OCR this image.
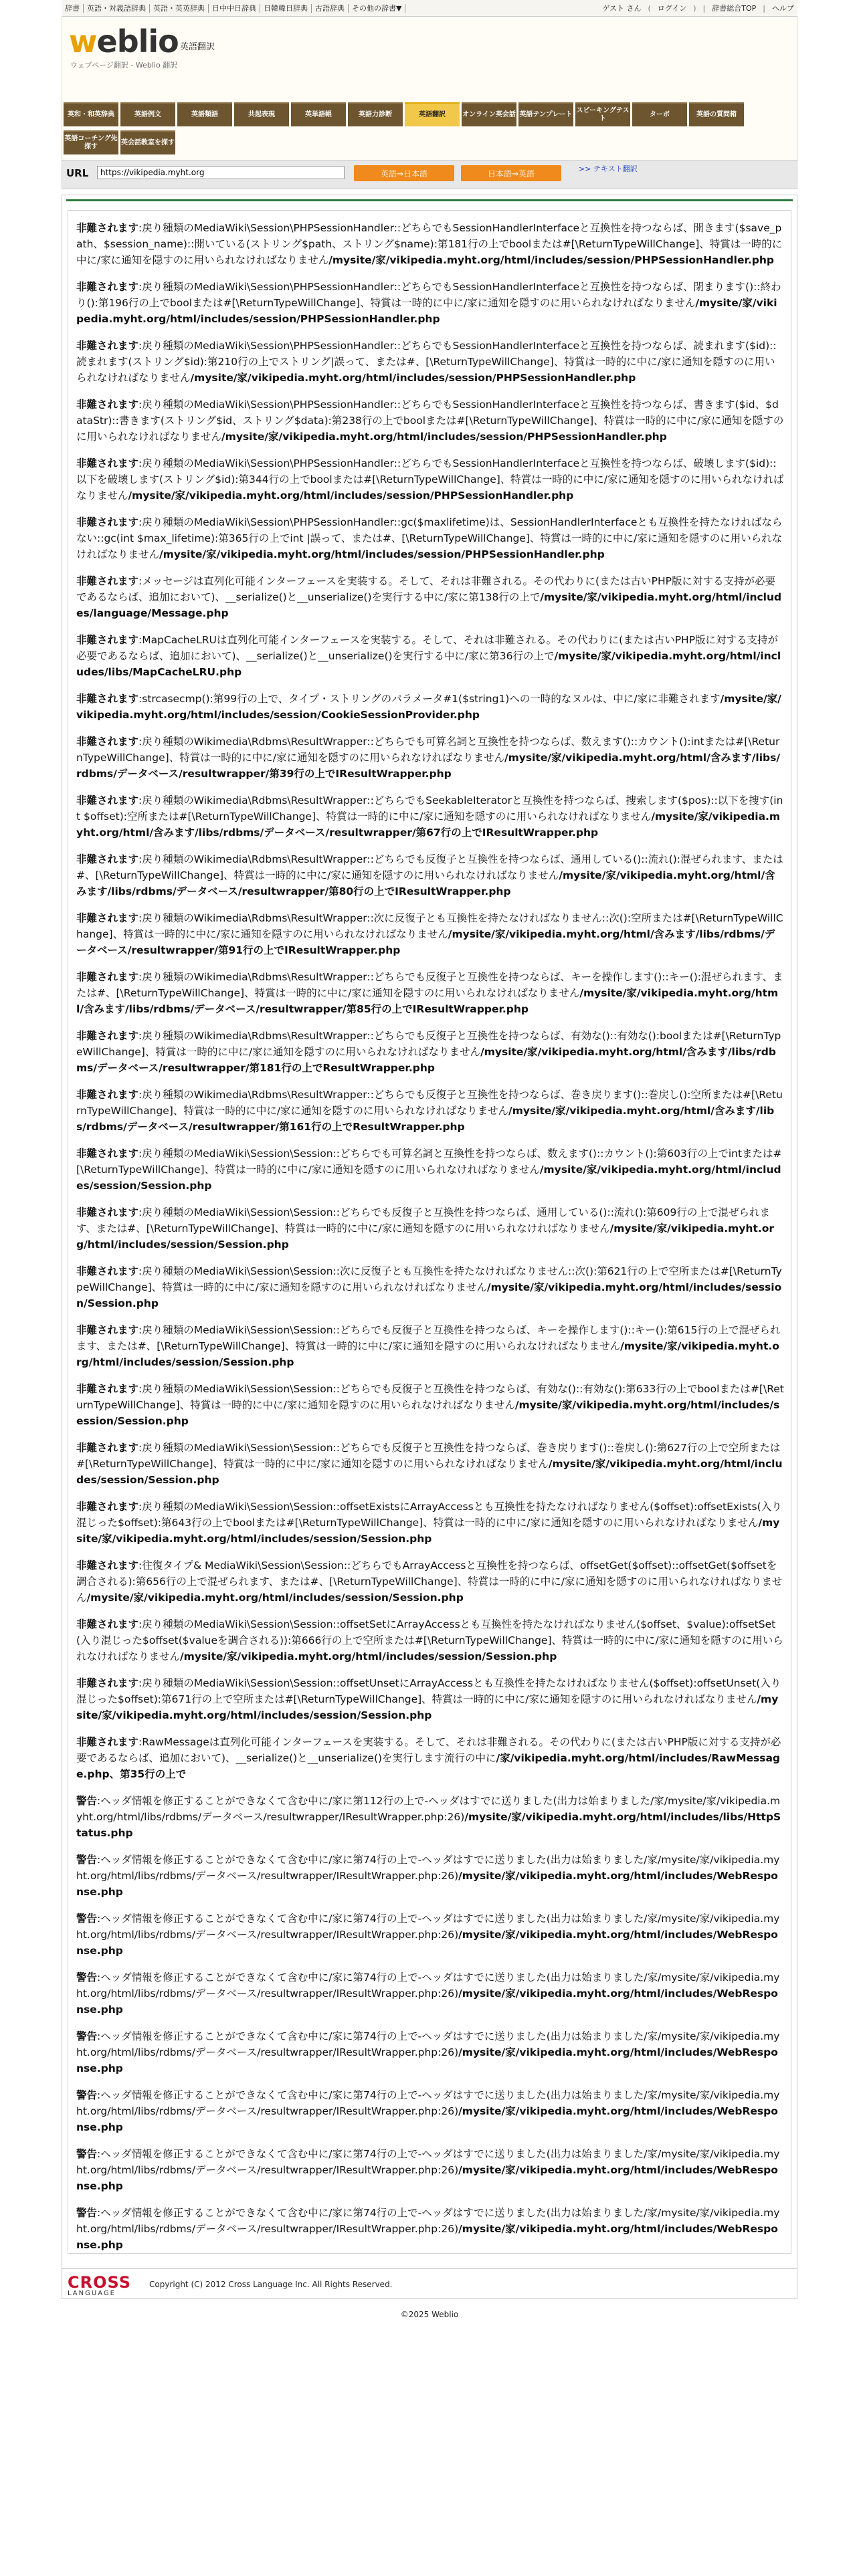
辞書	英語・対義語辞典	英語・英英辞典	日中中日辞典	日韓韓日辞典	古語辞典	その他の辞書▼	ゲスト さん ( ログイン ) | 辞書総合TOP | ヘルプ
weblio 英語翻訳
ウェブページ翻訳 - Weblio 翻訳
英和・和英辞典	英語例文	英語類語	共起表現	英単語帳	英語力診断	英語翻訳	オンライン英会話 英語テンプレート
スピーキングテスト
ターボ	英語の質問箱
英語コーチング先探す
英会話教室を探す
URL
https://vikipedia.myht.org	英語⇒日本語	日本語⇒英語	>> テキスト翻訳

非難されます:戻り種類のMediaWiki\Session\PHPSessionHandler::どちらでもSessionHandlerInterfaceと互換性を持つならば、開きます($save_path、$session_name)::開いている(ストリング$path、ストリング$name):第181行の上でboolまたは#[\ReturnTypeWillChange]、特賞は一時的に中に/家に通知を隠すのに用いられなければなりません/mysite/家/vikipedia.myht.org/html/includes/session/PHPSessionHandler.php

非難されます:戻り種類のMediaWiki\Session\PHPSessionHandler::どちらでもSessionHandlerInterfaceと互換性を持つならば、閉まります()::終わり():第196行の上でboolまたは#[\ReturnTypeWillChange]、特賞は一時的に中に/家に通知を隠すのに用いられなければなりません/mysite/家/vikipedia.myht.org/html/includes/session/PHPSessionHandler.php

非難されます:戻り種類のMediaWiki\Session\PHPSessionHandler::どちらでもSessionHandlerInterfaceと互換性を持つならば、読まれます($id)::読まれます(ストリング$id):第210行の上でストリング|誤って、または#、[\ReturnTypeWillChange]、特賞は一時的に中に/家に通知を隠すのに用いられなければなりません/mysite/家/vikipedia.myht.org/html/includes/session/PHPSessionHandler.php

非難されます:戻り種類のMediaWiki\Session\PHPSessionHandler::どちらでもSessionHandlerInterfaceと互換性を持つならば、書きます($id、$dataStr)::書きます(ストリング$id、ストリング$data):第238行の上でboolまたは#[\ReturnTypeWillChange]、特賞は一時的に中に/家に通知を隠すのに用いられなければなりません/mysite/家/vikipedia.myht.org/html/includes/session/PHPSessionHandler.php

非難されます:戻り種類のMediaWiki\Session\PHPSessionHandler::どちらでもSessionHandlerInterfaceと互換性を持つならば、破壊します($id)::以下を破壊します(ストリング$id):第344行の上でboolまたは#[\ReturnTypeWillChange]、特賞は一時的に中に/家に通知を隠すのに用いられなければなりません/mysite/家/vikipedia.myht.org/html/includes/session/PHPSessionHandler.php

非難されます:戻り種類のMediaWiki\Session\PHPSessionHandler::gc($maxlifetime)は、SessionHandlerInterfaceとも互換性を持たなければならない::gc(int $max_lifetime):第365行の上でint |誤って、または#、[\ReturnTypeWillChange]、特賞は一時的に中に/家に通知を隠すのに用いられなければなりません/mysite/家/vikipedia.myht.org/html/includes/session/PHPSessionHandler.php

非難されます:メッセージは直列化可能インターフェースを実装する。そして、それは非難される。その代わりに(または古いPHP版に対する支持が必要であるならば、追加において)、__serialize()と__unserialize()を実行する中に/家に第138行の上で/mysite/家/vikipedia.myht.org/html/includes/language/Message.php

非難されます:MapCacheLRUは直列化可能インターフェースを実装する。そして、それは非難される。その代わりに(または古いPHP版に対する支持が必要であるならば、追加において)、__serialize()と__unserialize()を実行する中に/家に第36行の上で/mysite/家/vikipedia.myht.org/html/includes/libs/MapCacheLRU.php

非難されます:strcasecmp():第99行の上で、タイプ・ストリングのパラメータ#1($string1)への一時的なヌルは、中に/家に非難されます/mysite/家/vikipedia.myht.org/html/includes/session/CookieSessionProvider.php

非難されます:戻り種類のWikimedia\Rdbms\ResultWrapper::どちらでも可算名詞と互換性を持つならば、数えます()::カウント():intまたは#[\ReturnTypeWillChange]、特賞は一時的に中に/家に通知を隠すのに用いられなければなりません/mysite/家/vikipedia.myht.org/html/含みます/libs/rdbms/データベース/resultwrapper/第39行の上でIResultWrapper.php

非難されます:戻り種類のWikimedia\Rdbms\ResultWrapper::どちらでもSeekableIteratorと互換性を持つならば、捜索します($pos)::以下を捜す(int $offset):空所または#[\ReturnTypeWillChange]、特賞は一時的に中に/家に通知を隠すのに用いられなければなりません/mysite/家/vikipedia.myht.org/html/含みます/libs/rdbms/データベース/resultwrapper/第67行の上でIResultWrapper.php

非難されます:戻り種類のWikimedia\Rdbms\ResultWrapper::どちらでも反復子と互換性を持つならば、通用している()::流れ():混ぜられます、または#、[\ReturnTypeWillChange]、特賞は一時的に中に/家に通知を隠すのに用いられなければなりません/mysite/家/vikipedia.myht.org/html/含みます/libs/rdbms/データベース/resultwrapper/第80行の上でIResultWrapper.php

非難されます:戻り種類のWikimedia\Rdbms\ResultWrapper::次に反復子とも互換性を持たなければなりません::次():空所または#[\ReturnTypeWillChange]、特賞は一時的に中に/家に通知を隠すのに用いられなければなりません/mysite/家/vikipedia.myht.org/html/含みます/libs/rdbms/データベース/resultwrapper/第91行の上でIResultWrapper.php

非難されます:戻り種類のWikimedia\Rdbms\ResultWrapper::どちらでも反復子と互換性を持つならば、キーを操作します()::キー():混ぜられます、または#、[\ReturnTypeWillChange]、特賞は一時的に中に/家に通知を隠すのに用いられなければなりません/mysite/家/vikipedia.myht.org/html/含みます/libs/rdbms/データベース/resultwrapper/第85行の上でIResultWrapper.php

非難されます:戻り種類のWikimedia\Rdbms\ResultWrapper::どちらでも反復子と互換性を持つならば、有効な()::有効な():boolまたは#[\ReturnTypeWillChange]、特賞は一時的に中に/家に通知を隠すのに用いられなければなりません/mysite/家/vikipedia.myht.org/html/含みます/libs/rdbms/データベース/resultwrapper/第181行の上でResultWrapper.php

非難されます:戻り種類のWikimedia\Rdbms\ResultWrapper::どちらでも反復子と互換性を持つならば、巻き戻ります()::巻戻し():空所または#[\ReturnTypeWillChange]、特賞は一時的に中に/家に通知を隠すのに用いられなければなりません/mysite/家/vikipedia.myht.org/html/含みます/libs/rdbms/データベース/resultwrapper/第161行の上でResultWrapper.php

非難されます:戻り種類のMediaWiki\Session\Session::どちらでも可算名詞と互換性を持つならば、数えます()::カウント():第603行の上でintまたは#[\ReturnTypeWillChange]、特賞は一時的に中に/家に通知を隠すのに用いられなければなりません/mysite/家/vikipedia.myht.org/html/includes/session/Session.php

非難されます:戻り種類のMediaWiki\Session\Session::どちらでも反復子と互換性を持つならば、通用している()::流れ():第609行の上で混ぜられます、または#、[\ReturnTypeWillChange]、特賞は一時的に中に/家に通知を隠すのに用いられなければなりません/mysite/家/vikipedia.myht.org/html/includes/session/Session.php

非難されます:戻り種類のMediaWiki\Session\Session::次に反復子とも互換性を持たなければなりません::次():第621行の上で空所または#[\ReturnTypeWillChange]、特賞は一時的に中に/家に通知を隠すのに用いられなければなりません/mysite/家/vikipedia.myht.org/html/includes/session/Session.php

非難されます:戻り種類のMediaWiki\Session\Session::どちらでも反復子と互換性を持つならば、キーを操作します()::キー():第615行の上で混ぜられます、または#、[\ReturnTypeWillChange]、特賞は一時的に中に/家に通知を隠すのに用いられなければなりません/mysite/家/vikipedia.myht.org/html/includes/session/Session.php

非難されます:戻り種類のMediaWiki\Session\Session::どちらでも反復子と互換性を持つならば、有効な()::有効な():第633行の上でboolまたは#[\ReturnTypeWillChange]、特賞は一時的に中に/家に通知を隠すのに用いられなければなりません/mysite/家/vikipedia.myht.org/html/includes/session/Session.php

非難されます:戻り種類のMediaWiki\Session\Session::どちらでも反復子と互換性を持つならば、巻き戻ります()::巻戻し():第627行の上で空所または#[\ReturnTypeWillChange]、特賞は一時的に中に/家に通知を隠すのに用いられなければなりません/mysite/家/vikipedia.myht.org/html/includes/session/Session.php

非難されます:戻り種類のMediaWiki\Session\Session::offsetExistsにArrayAccessとも互換性を持たなければなりません($offset):offsetExists(入り混じった$offset):第643行の上でboolまたは#[\ReturnTypeWillChange]、特賞は一時的に中に/家に通知を隠すのに用いられなければなりません/mysite/家/vikipedia.myht.org/html/includes/session/Session.php

非難されます:往復タイプ& MediaWiki\Session\Session::どちらでもArrayAccessと互換性を持つならば、offsetGet($offset)::offsetGet($offsetを調合される):第656行の上で混ぜられます、または#、[\ReturnTypeWillChange]、特賞は一時的に中に/家に通知を隠すのに用いられなければなりません/mysite/家/vikipedia.myht.org/html/includes/session/Session.php

非難されます:戻り種類のMediaWiki\Session\Session::offsetSetにArrayAccessとも互換性を持たなければなりません($offset、$value):offsetSet(入り混じった$offset($valueを調合される)):第666行の上で空所または#[\ReturnTypeWillChange]、特賞は一時的に中に/家に通知を隠すのに用いられなければなりません/mysite/家/vikipedia.myht.org/html/includes/session/Session.php

非難されます:戻り種類のMediaWiki\Session\Session::offsetUnsetにArrayAccessとも互換性を持たなければなりません($offset):offsetUnset(入り混じった$offset):第671行の上で空所または#[\ReturnTypeWillChange]、特賞は一時的に中に/家に通知を隠すのに用いられなければなりません/mysite/家/vikipedia.myht.org/html/includes/session/Session.php

非難されます:RawMessageは直列化可能インターフェースを実装する。そして、それは非難される。その代わりに(または古いPHP版に対する支持が必要であるならば、追加において)、__serialize()と__unserialize()を実行します流行の中に/家/vikipedia.myht.org/html/includes/RawMessage.php、第35行の上で

警告:ヘッダ情報を修正することができなくて含む中に/家に第112行の上で-ヘッダはすでに送りました(出力は始まりました/家/mysite/家/vikipedia.myht.org/html/libs/rdbms/データベース/resultwrapper/IResultWrapper.php:26)/mysite/家/vikipedia.myht.org/html/includes/libs/HttpStatus.php

警告:ヘッダ情報を修正することができなくて含む中に/家に第74行の上で-ヘッダはすでに送りました(出力は始まりました/家/mysite/家/vikipedia.myht.org/html/libs/rdbms/データベース/resultwrapper/IResultWrapper.php:26)/mysite/家/vikipedia.myht.org/html/includes/WebResponse.php

警告:ヘッダ情報を修正することができなくて含む中に/家に第74行の上で-ヘッダはすでに送りました(出力は始まりました/家/mysite/家/vikipedia.myht.org/html/libs/rdbms/データベース/resultwrapper/IResultWrapper.php:26)/mysite/家/vikipedia.myht.org/html/includes/WebResponse.php

警告:ヘッダ情報を修正することができなくて含む中に/家に第74行の上で-ヘッダはすでに送りました(出力は始まりました/家/mysite/家/vikipedia.myht.org/html/libs/rdbms/データベース/resultwrapper/IResultWrapper.php:26)/mysite/家/vikipedia.myht.org/html/includes/WebResponse.php

警告:ヘッダ情報を修正することができなくて含む中に/家に第74行の上で-ヘッダはすでに送りました(出力は始まりました/家/mysite/家/vikipedia.myht.org/html/libs/rdbms/データベース/resultwrapper/IResultWrapper.php:26)/mysite/家/vikipedia.myht.org/html/includes/WebResponse.php

警告:ヘッダ情報を修正することができなくて含む中に/家に第74行の上で-ヘッダはすでに送りました(出力は始まりました/家/mysite/家/vikipedia.myht.org/html/libs/rdbms/データベース/resultwrapper/IResultWrapper.php:26)/mysite/家/vikipedia.myht.org/html/includes/WebResponse.php

警告:ヘッダ情報を修正することができなくて含む中に/家に第74行の上で-ヘッダはすでに送りました(出力は始まりました/家/mysite/家/vikipedia.myht.org/html/libs/rdbms/データベース/resultwrapper/IResultWrapper.php:26)/mysite/家/vikipedia.myht.org/html/includes/WebResponse.php

警告:ヘッダ情報を修正することができなくて含む中に/家に第74行の上で-ヘッダはすでに送りました(出力は始まりました/家/mysite/家/vikipedia.myht.org/html/libs/rdbms/データベース/resultwrapper/IResultWrapper.php:26)/mysite/家/vikipedia.myht.org/html/includes/WebResponse.php

CROSS
LANGUAGE
Copyright (C) 2012 Cross Language Inc. All Rights Reserved.
©2025 Weblio
